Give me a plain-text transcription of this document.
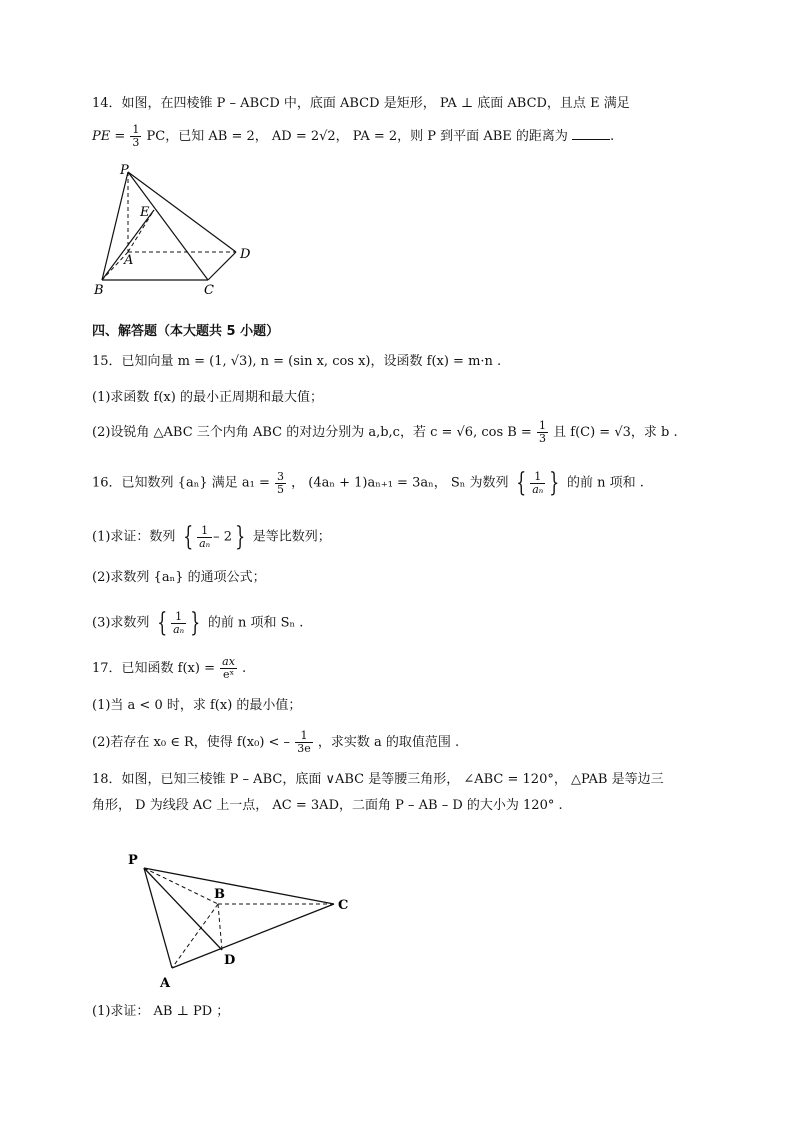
14．如图，在四棱锥 P – ABCD 中，底面 ABCD 是矩形， PA ⊥ 底面 ABCD，且点 E 满足
PE = $\frac{1}{3}$ PC，已知 AB = 2， AD = 2√2， PA = 2，则 P 到平面 ABE 的距离为	.
P
E
A
B	C
D
四、解答题（本大题共 5 小题）
15．已知向量 m = (1, √3), n = (sin x, cos x)，设函数 f(x) = m·n .
(1)求函数 f(x) 的最小正周期和最大值；
(2)设锐角 △ABC 三个内角 ABC 的对边分别为 a,b,c，若 c = √6, $\cos B = \frac{1}{3}$ 且 f(C) = √3，求 b .
16．已知数列 {aₙ} 满足 $a_1 = \frac{3}{5}$ ， (4aₙ + 1)aₙ₊₁ = 3aₙ， Sₙ 为数列 { $\frac{1}{\text{aₙ}}$ } 的前 n 项和 .
(1)求证：数列 { $\frac{1}{\text{aₙ}} - 2$ } 是等比数列；
(2)求数列 {aₙ} 的通项公式；
(3)求数列 { $\frac{1}{\text{aₙ}}$ } 的前 n 项和 Sₙ .
17．已知函数 $f(x) = \frac{ax}{\text{eˣ}}$ .
(1)当 a < 0 时，求 f(x) 的最小值；
(2)若存在 x₀ ∈ R，使得 f(x₀) < – $\frac{1}{3e}$ ，求实数 a 的取值范围 .
18．如图，已知三棱锥 P – ABC，底面 ∨ABC 是等腰三角形， ∠ABC = 120°， △PAB 是等边三
角形， D 为线段 AC 上一点， AC = 3AD，二面角 P – AB – D 的大小为 120° .
P
B
C
A
D
(1)求证： AB ⊥ PD ；
